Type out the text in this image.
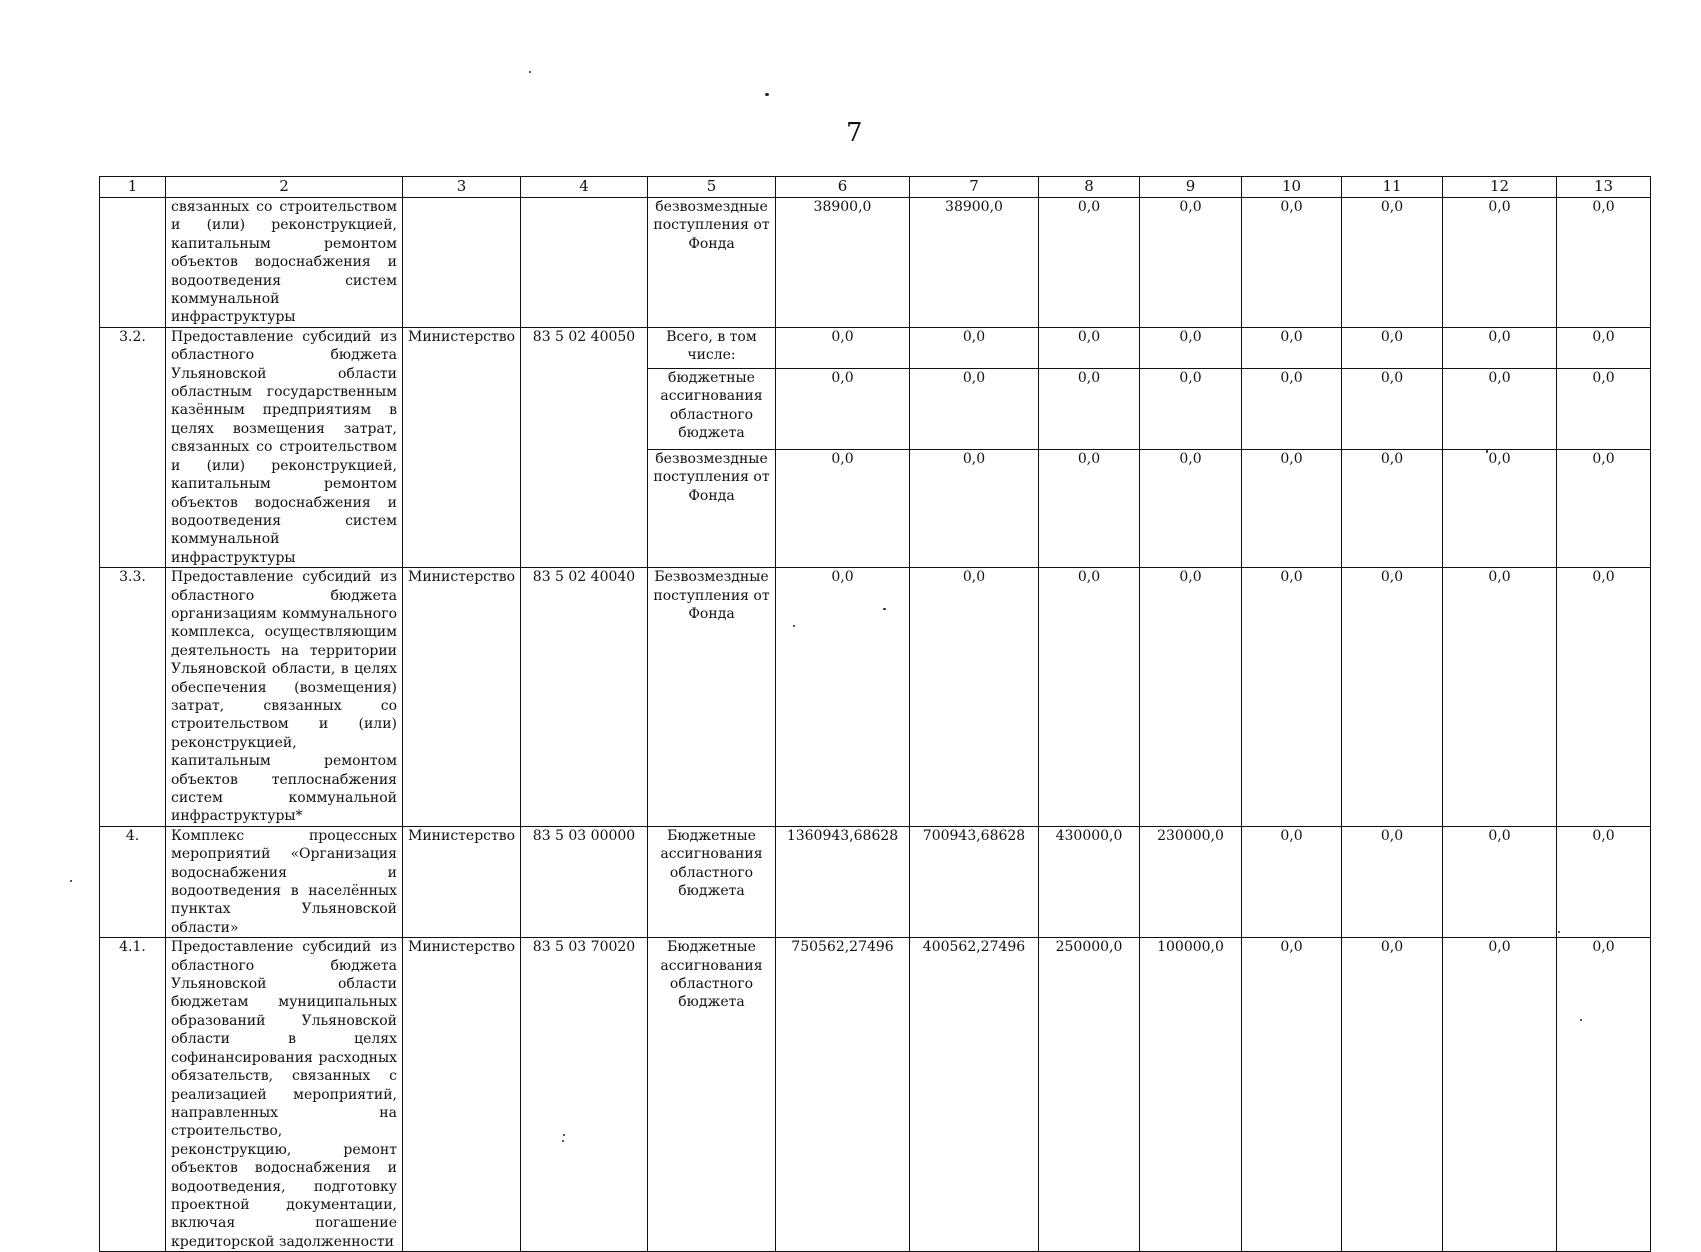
7
1	2	3	4	5	6	7	8	9	10	11	12	13
	связанных со строительством и (или) реконструкцией, капитальным ремонтом объектов водоснабжения и водоотведения систем коммунальной инфраструктуры			безвозмездные поступления от Фонда	38900,0	38900,0	0,0	0,0	0,0	0,0	0,0	0,0
3.2.	Предоставление субсидий из областного бюджета Ульяновской области областным государственным казённым предприятиям в целях возмещения затрат, связанных со строительством и (или) реконструкцией, капитальным ремонтом объектов водоснабжения и водоотведения систем коммунальной инфраструктуры	Министерство	83 5 02 40050	Всего, в том числе:	0,0	0,0	0,0	0,0	0,0	0,0	0,0	0,0
				бюджетные ассигнования областного бюджета	0,0	0,0	0,0	0,0	0,0	0,0	0,0	0,0
				безвозмездные поступления от Фонда	0,0	0,0	0,0	0,0	0,0	0,0	0,0	0,0
3.3.	Предоставление субсидий из областного бюджета организациям коммунального комплекса, осуществляющим деятельность на территории Ульяновской области, в целях обеспечения (возмещения) затрат, связанных со строительством и (или) реконструкцией, капитальным ремонтом объектов теплоснабжения систем коммунальной инфраструктуры*	Министерство	83 5 02 40040	Безвозмездные поступления от Фонда	0,0	0,0	0,0	0,0	0,0	0,0	0,0	0,0
4.	Комплекс процессных мероприятий «Организация водоснабжения и водоотведения в населённых пунктах Ульяновской области»	Министерство	83 5 03 00000	Бюджетные ассигнования областного бюджета	1360943,68628	700943,68628	430000,0	230000,0	0,0	0,0	0,0	0,0
4.1.	Предоставление субсидий из областного бюджета Ульяновской области бюджетам муниципальных образований Ульяновской области в целях софинансирования расходных обязательств, связанных с реализацией мероприятий, направленных на строительство, реконструкцию, ремонт объектов водоснабжения и водоотведения, подготовку проектной документации, включая погашение кредиторской задолженности	Министерство	83 5 03 70020	Бюджетные ассигнования областного бюджета	750562,27496	400562,27496	250000,0	100000,0	0,0	0,0	0,0	0,0
